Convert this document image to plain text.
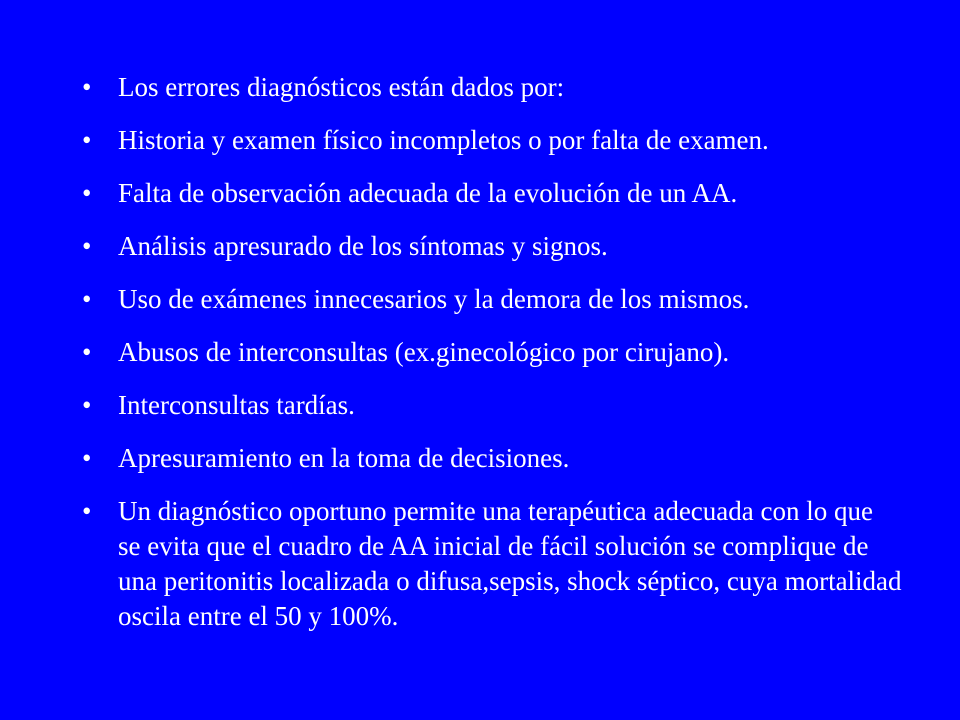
• Los errores diagnósticos están dados por:
• Historia y examen físico incompletos o por falta de examen.
• Falta de observación adecuada de la evolución de un AA.
• Análisis apresurado de los síntomas y signos.
• Uso de exámenes innecesarios y la demora de los mismos.
• Abusos de interconsultas (ex.ginecológico por cirujano).
• Interconsultas tardías.
• Apresuramiento en la toma de decisiones.
• Un diagnóstico oportuno permite una terapéutica adecuada con lo que se evita que el cuadro de AA inicial de fácil solución se complique de una peritonitis localizada o difusa,sepsis, shock séptico, cuya mortalidad oscila entre el 50 y 100%.
